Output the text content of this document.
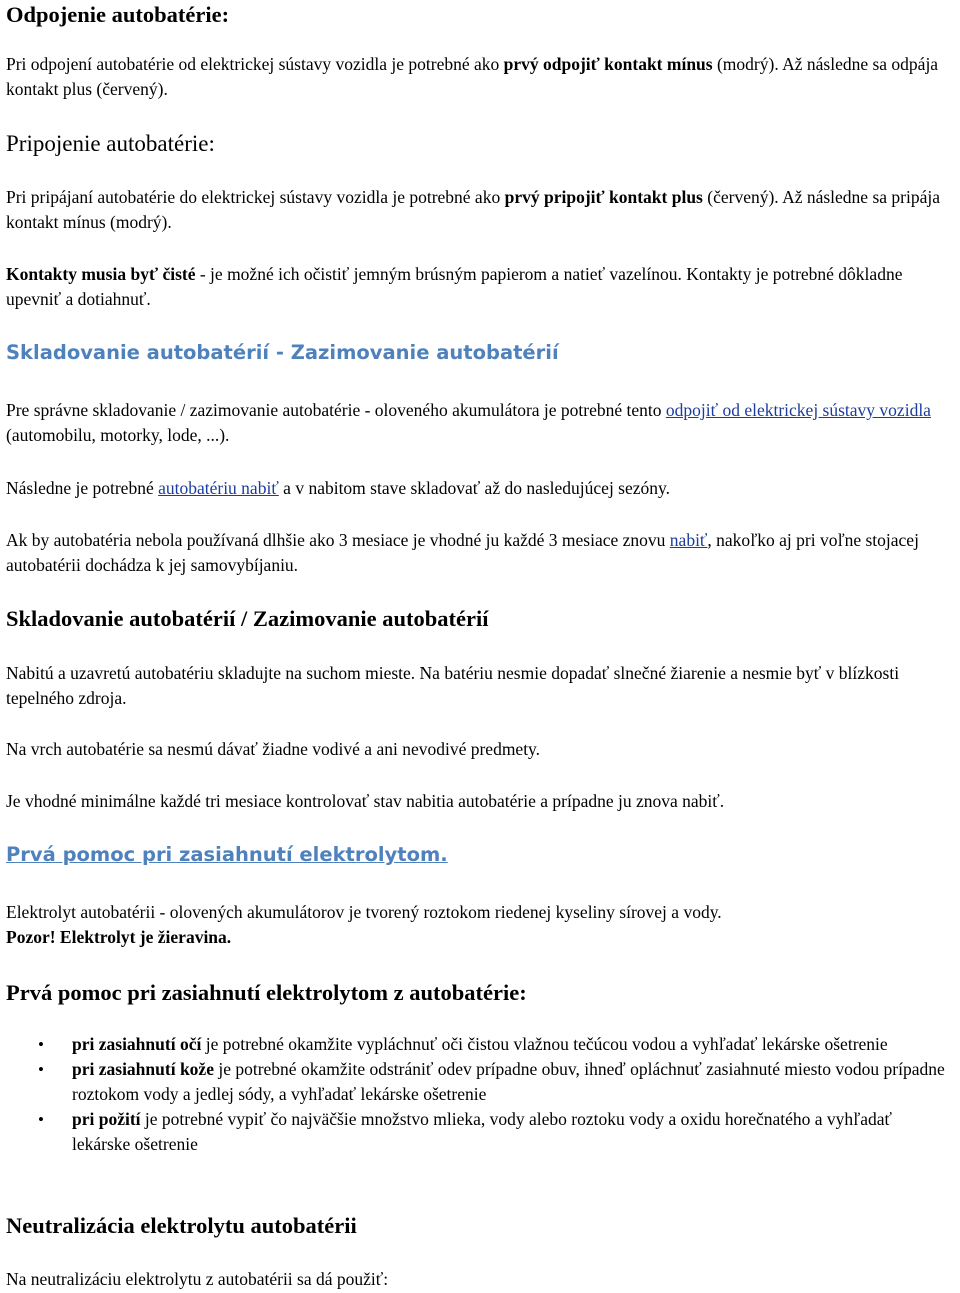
Odpojenie autobatérie:

Pri odpojení autobatérie od elektrickej sústavy vozidla je potrebné ako prvý odpojiť kontakt mínus (modrý). Až následne sa odpája kontakt plus (červený).

Pripojenie autobatérie:

Pri pripájaní autobatérie do elektrickej sústavy vozidla je potrebné ako prvý pripojiť kontakt plus (červený). Až následne sa pripája kontakt mínus (modrý).

Kontakty musia byť čisté - je možné ich očistiť jemným brúsným papierom a natieť vazelínou. Kontakty je potrebné dôkladne upevniť a dotiahnuť.

Skladovanie autobatérií - Zazimovanie autobatérií

Pre správne skladovanie / zazimovanie autobatérie - oloveného akumulátora je potrebné tento odpojiť od elektrickej sústavy vozidla (automobilu, motorky, lode, ...).

Následne je potrebné autobatériu nabiť a v nabitom stave skladovať až do nasledujúcej sezóny.

Ak by autobatéria nebola používaná dlhšie ako 3 mesiace je vhodné ju každé 3 mesiace znovu nabiť, nakoľko aj pri voľne stojacej autobatérii dochádza k jej samovybíjaniu.

Skladovanie autobatérií / Zazimovanie autobatérií

Nabitú a uzavretú autobatériu skladujte na suchom mieste. Na batériu nesmie dopadať slnečné žiarenie a nesmie byť v blízkosti tepelného zdroja.

Na vrch autobatérie sa nesmú dávať žiadne vodivé a ani nevodivé predmety.

Je vhodné minimálne každé tri mesiace kontrolovať stav nabitia autobatérie a prípadne ju znova nabiť.

Prvá pomoc pri zasiahnutí elektrolytom.

Elektrolyt autobatérii - olovených akumulátorov je tvorený roztokom riedenej kyseliny sírovej a vody.
Pozor! Elektrolyt je žieravina.

Prvá pomoc pri zasiahnutí elektrolytom z autobatérie:
• pri zasiahnutí očí je potrebné okamžite vypláchnuť oči čistou vlažnou tečúcou vodou a vyhľadať lekárske ošetrenie
• pri zasiahnutí kože je potrebné okamžite odstrániť odev prípadne obuv, ihneď opláchnuť zasiahnuté miesto vodou prípadne roztokom vody a jedlej sódy, a vyhľadať lekárske ošetrenie
• pri požití je potrebné vypiť čo najväčšie množstvo mlieka, vody alebo roztoku vody a oxidu horečnatého a vyhľadať lekárske ošetrenie
Neutralizácia elektrolytu autobatérii

Na neutralizáciu elektrolytu z autobatérii sa dá použiť:
